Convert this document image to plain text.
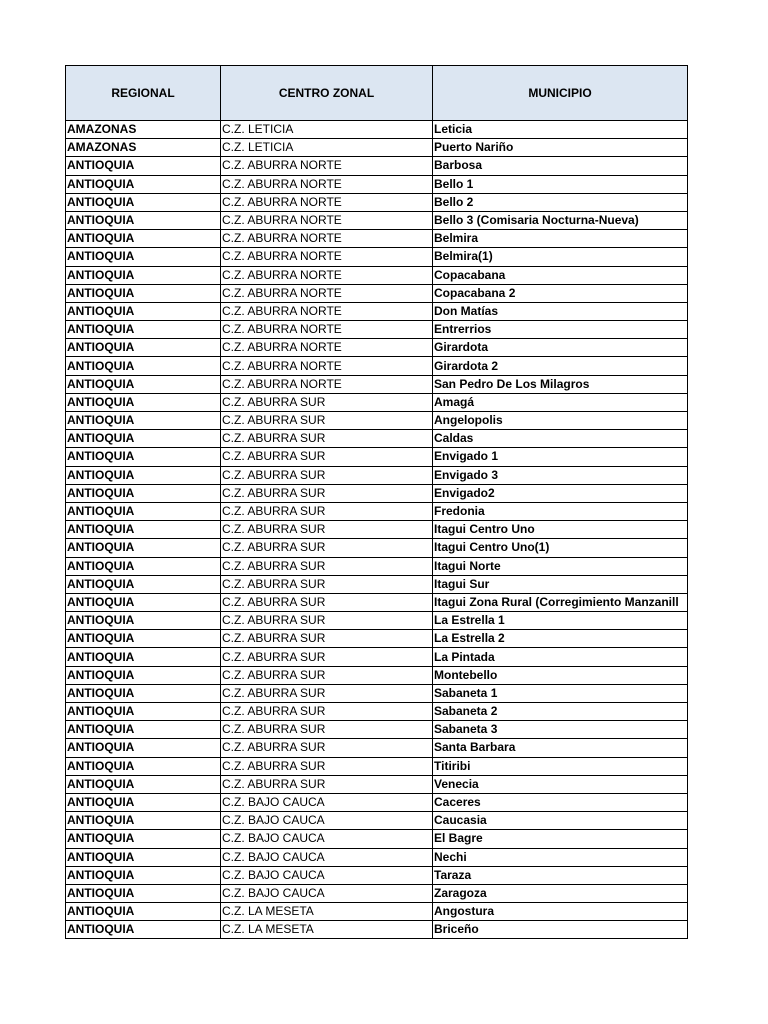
REGIONAL	CENTRO ZONAL	MUNICIPIO
AMAZONAS	C.Z. LETICIA	Leticia
AMAZONAS	C.Z. LETICIA	Puerto Nariño
ANTIOQUIA	C.Z. ABURRA NORTE	Barbosa
ANTIOQUIA	C.Z. ABURRA NORTE	Bello 1
ANTIOQUIA	C.Z. ABURRA NORTE	Bello 2
ANTIOQUIA	C.Z. ABURRA NORTE	Bello 3 (Comisaria Nocturna-Nueva)
ANTIOQUIA	C.Z. ABURRA NORTE	Belmira
ANTIOQUIA	C.Z. ABURRA NORTE	Belmira(1)
ANTIOQUIA	C.Z. ABURRA NORTE	Copacabana
ANTIOQUIA	C.Z. ABURRA NORTE	Copacabana 2
ANTIOQUIA	C.Z. ABURRA NORTE	Don Matías
ANTIOQUIA	C.Z. ABURRA NORTE	Entrerrios
ANTIOQUIA	C.Z. ABURRA NORTE	Girardota
ANTIOQUIA	C.Z. ABURRA NORTE	Girardota 2
ANTIOQUIA	C.Z. ABURRA NORTE	San Pedro De Los Milagros
ANTIOQUIA	C.Z. ABURRA SUR	Amagá
ANTIOQUIA	C.Z. ABURRA SUR	Angelopolis
ANTIOQUIA	C.Z. ABURRA SUR	Caldas
ANTIOQUIA	C.Z. ABURRA SUR	Envigado 1
ANTIOQUIA	C.Z. ABURRA SUR	Envigado 3
ANTIOQUIA	C.Z. ABURRA SUR	Envigado2
ANTIOQUIA	C.Z. ABURRA SUR	Fredonia
ANTIOQUIA	C.Z. ABURRA SUR	Itagui Centro Uno
ANTIOQUIA	C.Z. ABURRA SUR	Itagui Centro Uno(1)
ANTIOQUIA	C.Z. ABURRA SUR	Itagui Norte
ANTIOQUIA	C.Z. ABURRA SUR	Itagui Sur
ANTIOQUIA	C.Z. ABURRA SUR	Itagui Zona Rural (Corregimiento Manzanill
ANTIOQUIA	C.Z. ABURRA SUR	La Estrella 1
ANTIOQUIA	C.Z. ABURRA SUR	La Estrella 2
ANTIOQUIA	C.Z. ABURRA SUR	La Pintada
ANTIOQUIA	C.Z. ABURRA SUR	Montebello
ANTIOQUIA	C.Z. ABURRA SUR	Sabaneta 1
ANTIOQUIA	C.Z. ABURRA SUR	Sabaneta 2
ANTIOQUIA	C.Z. ABURRA SUR	Sabaneta 3
ANTIOQUIA	C.Z. ABURRA SUR	Santa Barbara
ANTIOQUIA	C.Z. ABURRA SUR	Titiribi
ANTIOQUIA	C.Z. ABURRA SUR	Venecia
ANTIOQUIA	C.Z. BAJO CAUCA	Caceres
ANTIOQUIA	C.Z. BAJO CAUCA	Caucasia
ANTIOQUIA	C.Z. BAJO CAUCA	El Bagre
ANTIOQUIA	C.Z. BAJO CAUCA	Nechi
ANTIOQUIA	C.Z. BAJO CAUCA	Taraza
ANTIOQUIA	C.Z. BAJO CAUCA	Zaragoza
ANTIOQUIA	C.Z. LA MESETA	Angostura
ANTIOQUIA	C.Z. LA MESETA	Briceño
